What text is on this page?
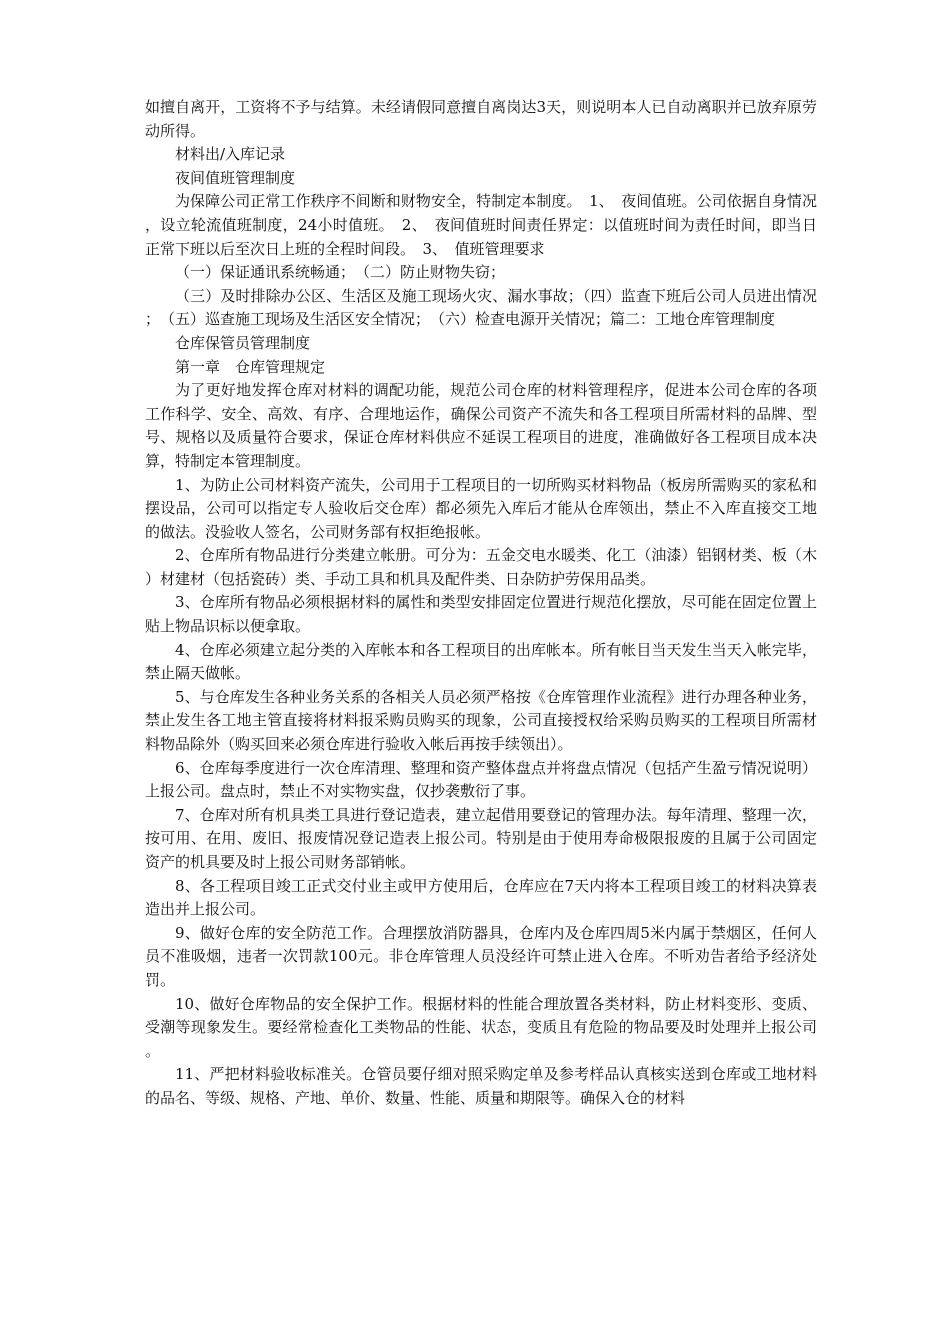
如擅自离开，工资将不予与结算。未经请假同意擅自离岗达3天，则说明本人已自动离职并已放弃原劳动所得。

材料出/入库记录

夜间值班管理制度

为保障公司正常工作秩序不间断和财物安全，特制定本制度。　1、　夜间值班。公司依据自身情况，设立轮流值班制度，24小时值班。　2、　夜间值班时间责任界定：以值班时间为责任时间，即当日正常下班以后至次日上班的全程时间段。　3、　值班管理要求

（一）保证通讯系统畅通；　（二）防止财物失窃；

（三）及时排除办公区、生活区及施工现场火灾、漏水事故；（四）监查下班后公司人员进出情况；　（五）巡查施工现场及生活区安全情况；　（六）检查电源开关情况；篇二：工地仓库管理制度

仓库保管员管理制度

第一章　仓库管理规定

为了更好地发挥仓库对材料的调配功能，规范公司仓库的材料管理程序，促进本公司仓库的各项工作科学、安全、高效、有序、合理地运作，确保公司资产不流失和各工程项目所需材料的品牌、型号、规格以及质量符合要求，保证仓库材料供应不延误工程项目的进度，准确做好各工程项目成本决算，特制定本管理制度。

1、为防止公司材料资产流失，公司用于工程项目的一切所购买材料物品（板房所需购买的家私和摆设品，公司可以指定专人验收后交仓库）都必须先入库后才能从仓库领出，禁止不入库直接交工地的做法。没验收人签名，公司财务部有权拒绝报帐。

2、仓库所有物品进行分类建立帐册。可分为：五金交电水暖类、化工（油漆）铝钢材类、板（木）材建材（包括瓷砖）类、手动工具和机具及配件类、日杂防护劳保用品类。

3、仓库所有物品必须根据材料的属性和类型安排固定位置进行规范化摆放，尽可能在固定位置上贴上物品识标以便拿取。

4、仓库必须建立起分类的入库帐本和各工程项目的出库帐本。所有帐目当天发生当天入帐完毕，禁止隔天做帐。

5、与仓库发生各种业务关系的各相关人员必须严格按《仓库管理作业流程》进行办理各种业务，禁止发生各工地主管直接将材料报采购员购买的现象，公司直接授权给采购员购买的工程项目所需材料物品除外（购买回来必须仓库进行验收入帐后再按手续领出）。

6、仓库每季度进行一次仓库清理、整理和资产整体盘点并将盘点情况（包括产生盈亏情况说明）上报公司。盘点时，禁止不对实物实盘，仅抄袭敷衍了事。

7、仓库对所有机具类工具进行登记造表，建立起借用要登记的管理办法。每年清理、整理一次，按可用、在用、废旧、报废情况登记造表上报公司。特别是由于使用寿命极限报废的且属于公司固定资产的机具要及时上报公司财务部销帐。

8、各工程项目竣工正式交付业主或甲方使用后，仓库应在7天内将本工程项目竣工的材料决算表造出并上报公司。

9、做好仓库的安全防范工作。合理摆放消防器具，仓库内及仓库四周5米内属于禁烟区，任何人员不准吸烟，违者一次罚款100元。非仓库管理人员没经许可禁止进入仓库。不听劝告者给予经济处罚。

10、做好仓库物品的安全保护工作。根据材料的性能合理放置各类材料，防止材料变形、变质、受潮等现象发生。要经常检查化工类物品的性能、状态，变质且有危险的物品要及时处理并上报公司。

11、严把材料验收标准关。仓管员要仔细对照采购定单及参考样品认真核实送到仓库或工地材料的品名、等级、规格、产地、单价、数量、性能、质量和期限等。确保入仓的材料
